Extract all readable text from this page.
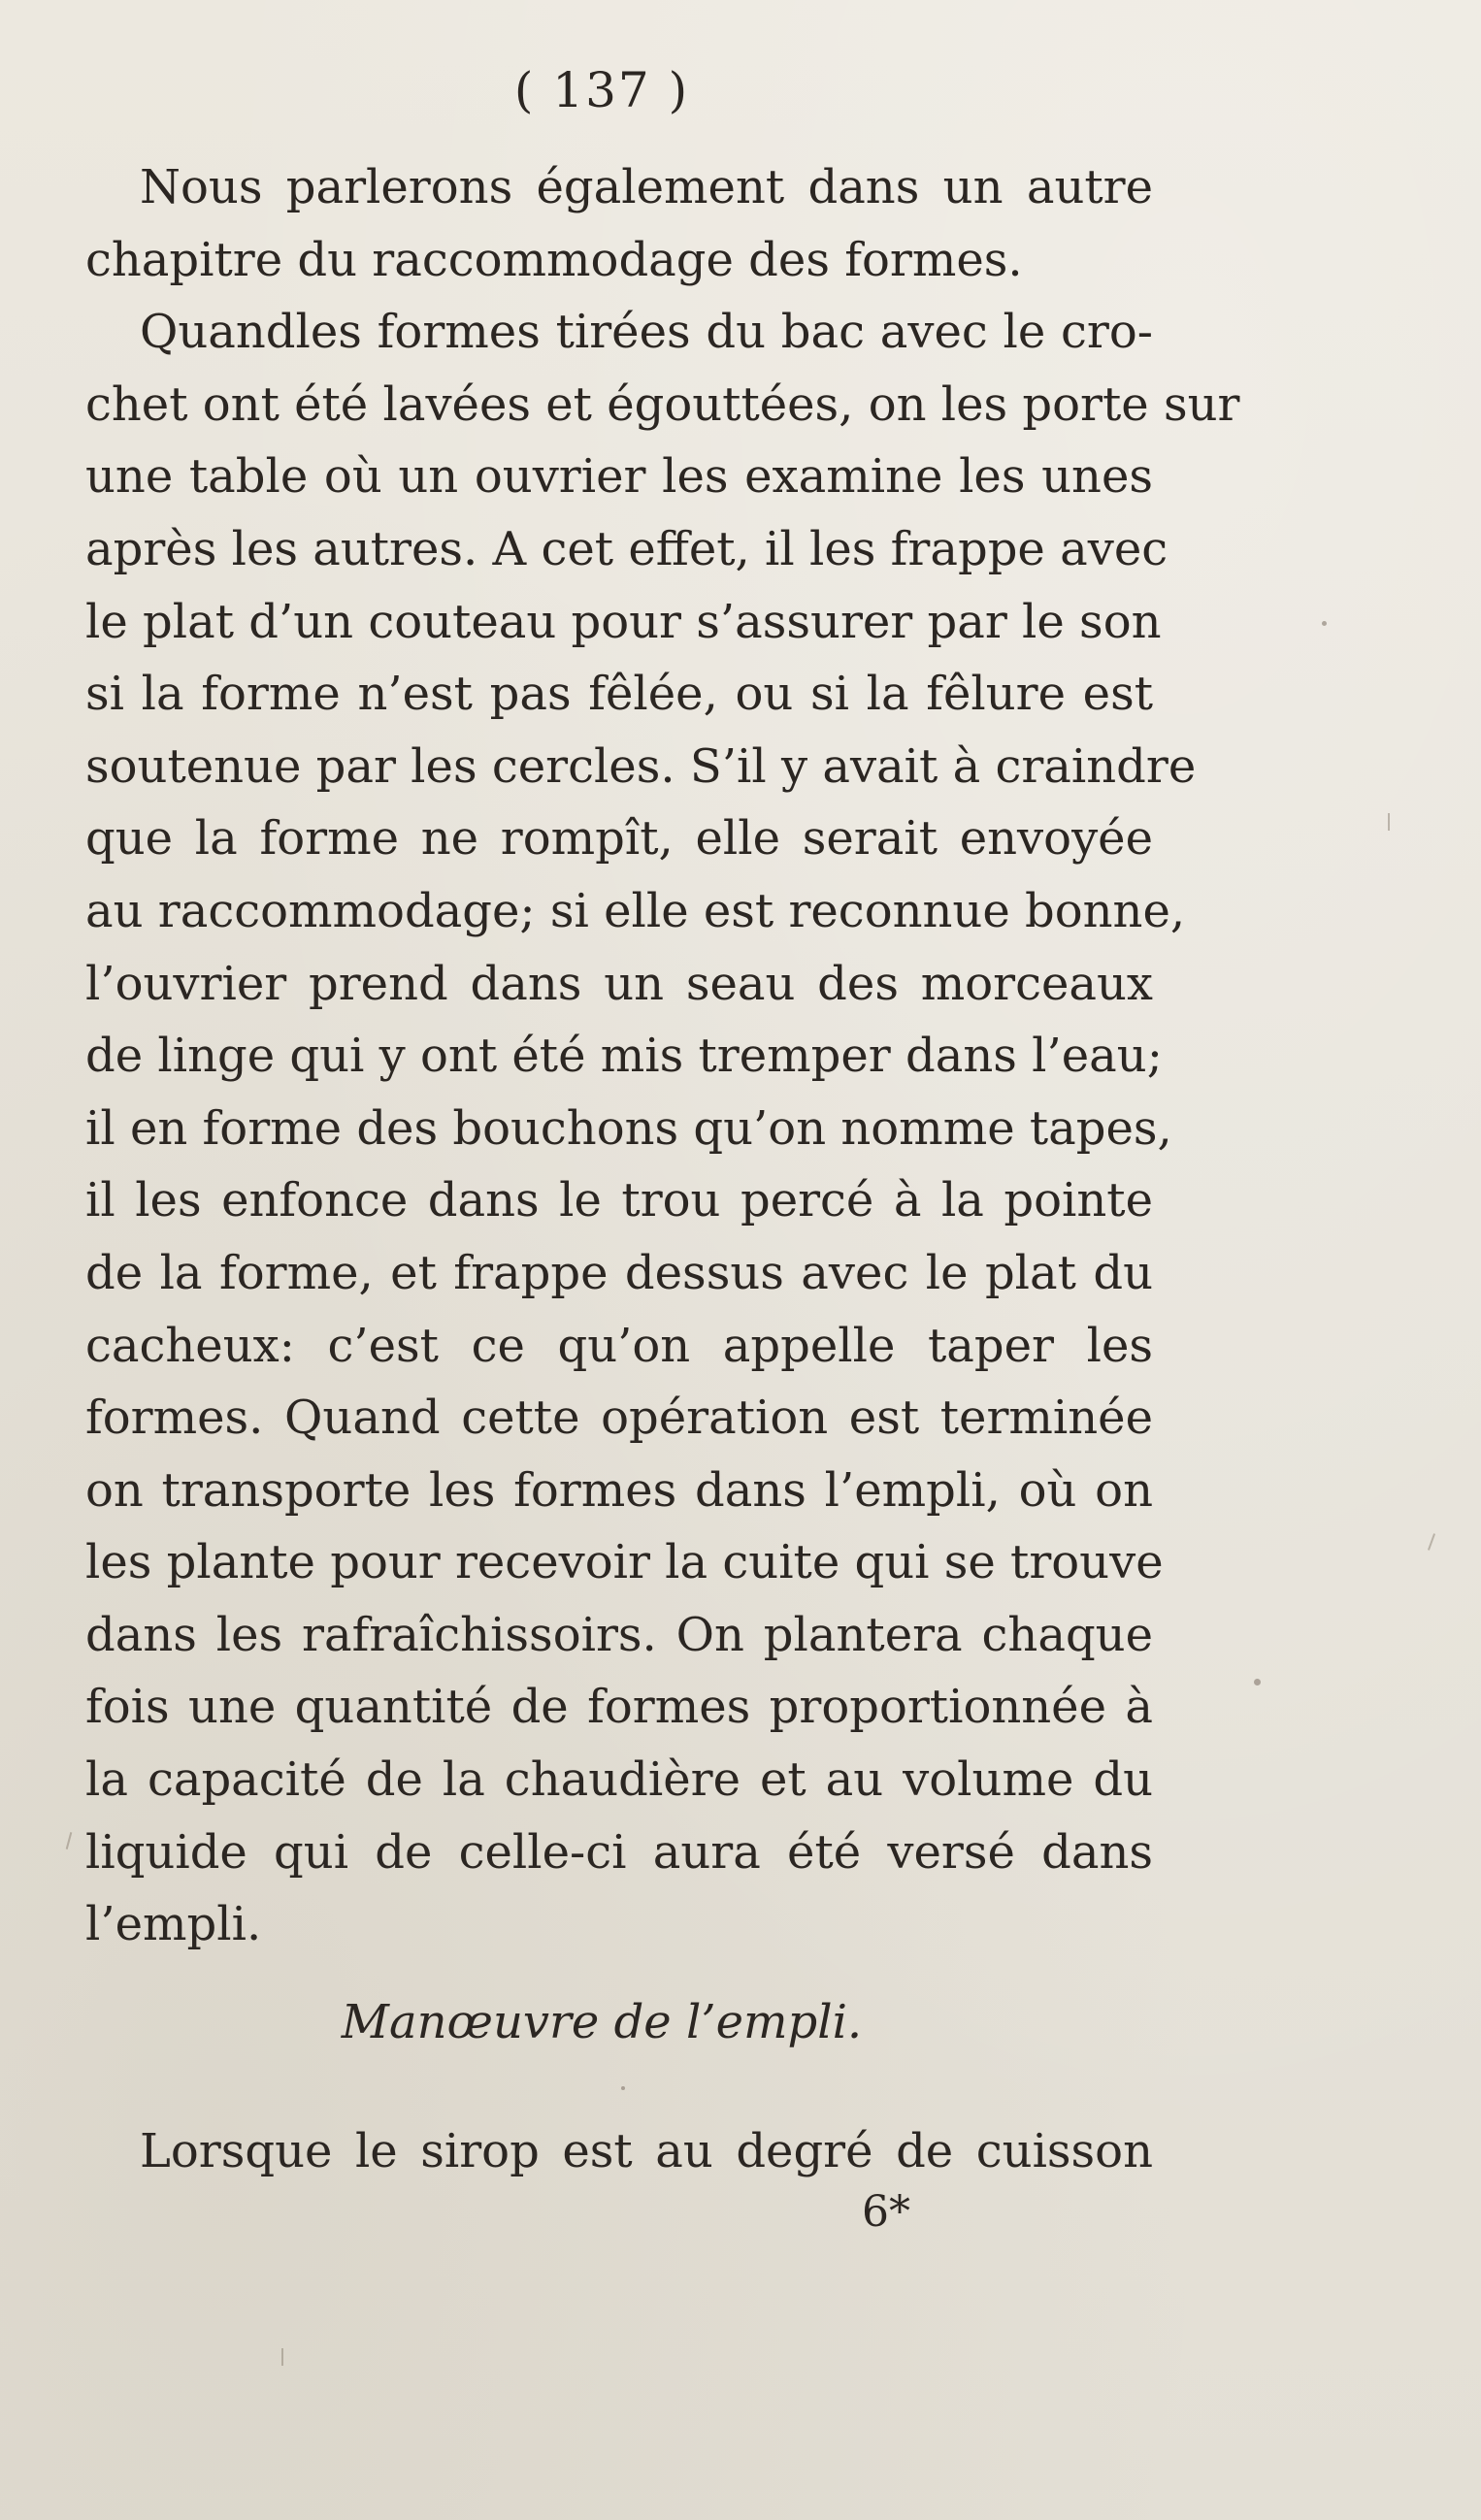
( 137 )
Nous parlerons également dans un autre
chapitre du raccommodage des formes.
Quandles formes tirées du bac avec le cro-
chet ont été lavées et égouttées, on les porte sur
une table où un ouvrier les examine les unes
après les autres. A cet effet, il les frappe avec
le plat d’un couteau pour s’assurer par le son
si la forme n’est pas fêlée, ou si la fêlure est
soutenue par les cercles. S’il y avait à craindre
que la forme ne rompît, elle serait envoyée
au raccommodage; si elle est reconnue bonne,
l’ouvrier prend dans un seau des morceaux
de linge qui y ont été mis tremper dans l’eau;
il en forme des bouchons qu’on nomme tapes,
il les enfonce dans le trou percé à la pointe
de la forme, et frappe dessus avec le plat du
cacheux: c’est ce qu’on appelle taper les
formes. Quand cette opération est terminée
on transporte les formes dans l’empli, où on
les plante pour recevoir la cuite qui se trouve
dans les rafraîchissoirs. On plantera chaque
fois une quantité de formes proportionnée à
la capacité de la chaudière et au volume du
liquide qui de celle-ci aura été versé dans
l’empli.
Manœuvre de l’empli.
Lorsque le sirop est au degré de cuisson
6*
